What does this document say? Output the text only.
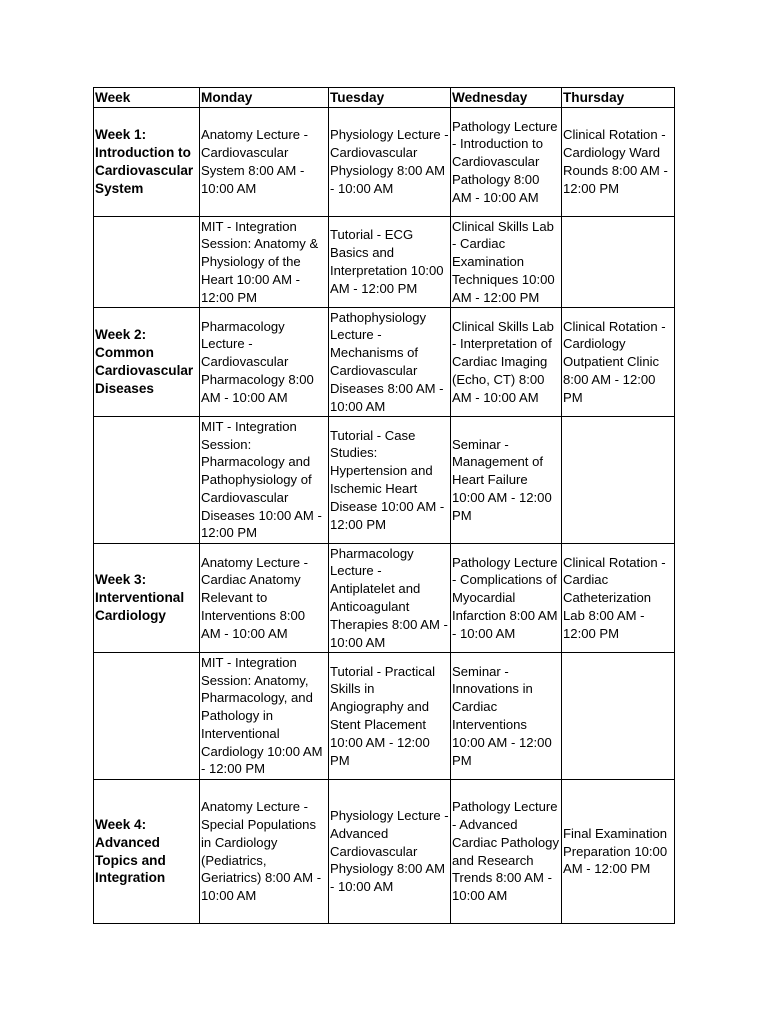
Week	Monday	Tuesday	Wednesday	Thursday
Week 1: Introduction to Cardiovascular System	Anatomy Lecture - Cardiovascular System 8:00 AM - 10:00 AM	Physiology Lecture - Cardiovascular Physiology 8:00 AM - 10:00 AM	Pathology Lecture - Introduction to Cardiovascular Pathology 8:00 AM - 10:00 AM	Clinical Rotation - Cardiology Ward Rounds 8:00 AM - 12:00 PM
	MIT - Integration Session: Anatomy & Physiology of the Heart 10:00 AM - 12:00 PM	Tutorial - ECG Basics and Interpretation 10:00 AM - 12:00 PM	Clinical Skills Lab - Cardiac Examination Techniques 10:00 AM - 12:00 PM	
Week 2: Common Cardiovascular Diseases	Pharmacology Lecture - Cardiovascular Pharmacology 8:00 AM - 10:00 AM	Pathophysiology Lecture - Mechanisms of Cardiovascular Diseases 8:00 AM - 10:00 AM	Clinical Skills Lab - Interpretation of Cardiac Imaging (Echo, CT) 8:00 AM - 10:00 AM	Clinical Rotation - Cardiology Outpatient Clinic 8:00 AM - 12:00 PM
	MIT - Integration Session: Pharmacology and Pathophysiology of Cardiovascular Diseases 10:00 AM - 12:00 PM	Tutorial - Case Studies: Hypertension and Ischemic Heart Disease 10:00 AM - 12:00 PM	Seminar - Management of Heart Failure 10:00 AM - 12:00 PM	
Week 3: Interventional Cardiology	Anatomy Lecture - Cardiac Anatomy Relevant to Interventions 8:00 AM - 10:00 AM	Pharmacology Lecture - Antiplatelet and Anticoagulant Therapies 8:00 AM - 10:00 AM	Pathology Lecture - Complications of Myocardial Infarction 8:00 AM - 10:00 AM	Clinical Rotation - Cardiac Catheterization Lab 8:00 AM - 12:00 PM
	MIT - Integration Session: Anatomy, Pharmacology, and Pathology in Interventional Cardiology 10:00 AM - 12:00 PM	Tutorial - Practical Skills in Angiography and Stent Placement 10:00 AM - 12:00 PM	Seminar - Innovations in Cardiac Interventions 10:00 AM - 12:00 PM	
Week 4: Advanced Topics and Integration	Anatomy Lecture - Special Populations in Cardiology (Pediatrics, Geriatrics) 8:00 AM - 10:00 AM	Physiology Lecture - Advanced Cardiovascular Physiology 8:00 AM - 10:00 AM	Pathology Lecture - Advanced Cardiac Pathology and Research Trends 8:00 AM - 10:00 AM	Final Examination Preparation 10:00 AM - 12:00 PM
